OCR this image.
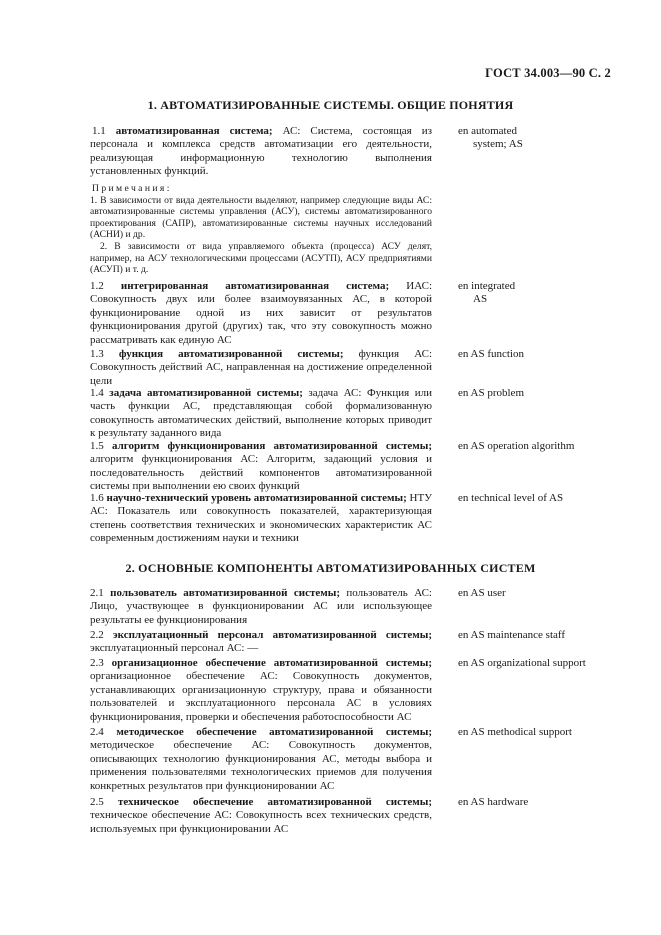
ГОСТ 34.003—90 С. 2
1. АВТОМАТИЗИРОВАННЫЕ СИСТЕМЫ. ОБЩИЕ ПОНЯТИЯ
1.1 автоматизированная система; АС: Система, состоящая из персонала и комплекса средств автоматизации его деятельности, реализующая информационную технологию выполнения установленных функций.
en automated
system; AS

Примечания:

1. В зависимости от вида деятельности выделяют, например следующие виды АС: автоматизированные системы управления (АСУ), системы автоматизированного проектирования (САПР), автоматизированные системы научных исследований (АСНИ) и др.

2. В зависимости от вида управляемого объекта (процесса) АСУ делят, например, на АСУ технологическими процессами (АСУТП), АСУ предприятиями (АСУП) и т. д.

1.2 интегрированная автоматизированная система; ИАС: Совокупность двух или более взаимоувязанных АС, в которой функционирование одной из них зависит от результатов функционирования другой (других) так, что эту совокупность можно рассматривать как единую АС
en integrated
AS
1.3 функция автоматизированной системы; функция АС: Совокупность действий АС, направленная на достижение определенной цели
en AS function
1.4 задача автоматизированной системы; задача АС: Функция или часть функции АС, представляющая собой формализованную совокупность автоматических действий, выполнение которых приводит к результату заданного вида
en AS problem
1.5 алгоритм функционирования автоматизированной системы; алгоритм функционирования АС: Алгоритм, задающий условия и последовательность действий компонентов автоматизированной системы при выполнении ею своих функций
en AS operation algorithm
1.6 научно-технический уровень автоматизированной системы; НТУ АС: Показатель или совокупность показателей, характеризующая степень соответствия технических и экономических характеристик АС современным достижениям науки и техники
en technical level of AS
2. ОСНОВНЫЕ КОМПОНЕНТЫ АВТОМАТИЗИРОВАННЫХ СИСТЕМ
2.1 пользователь автоматизированной системы; пользователь АС: Лицо, участвующее в функционировании АС или использующее результаты ее функционирования
en AS user
2.2 эксплуатационный персонал автоматизированной системы; эксплуатационный персонал АС: —
en AS maintenance staff
2.3 организационное обеспечение автоматизированной системы; организационное обеспечение АС: Совокупность документов, устанавливающих организационную структуру, права и обязанности пользователей и эксплуатационного персонала АС в условиях функционирования, проверки и обеспечения работоспособности АС
en AS organizational support
2.4 методическое обеспечение автоматизированной системы; методическое обеспечение АС: Совокупность документов, описывающих технологию функционирования АС, методы выбора и применения пользователями технологических приемов для получения конкретных результатов при функционировании АС
en AS methodical support
2.5 техническое обеспечение автоматизированной системы; техническое обеспечение АС: Совокупность всех технических средств, используемых при функционировании АС
en AS hardware
